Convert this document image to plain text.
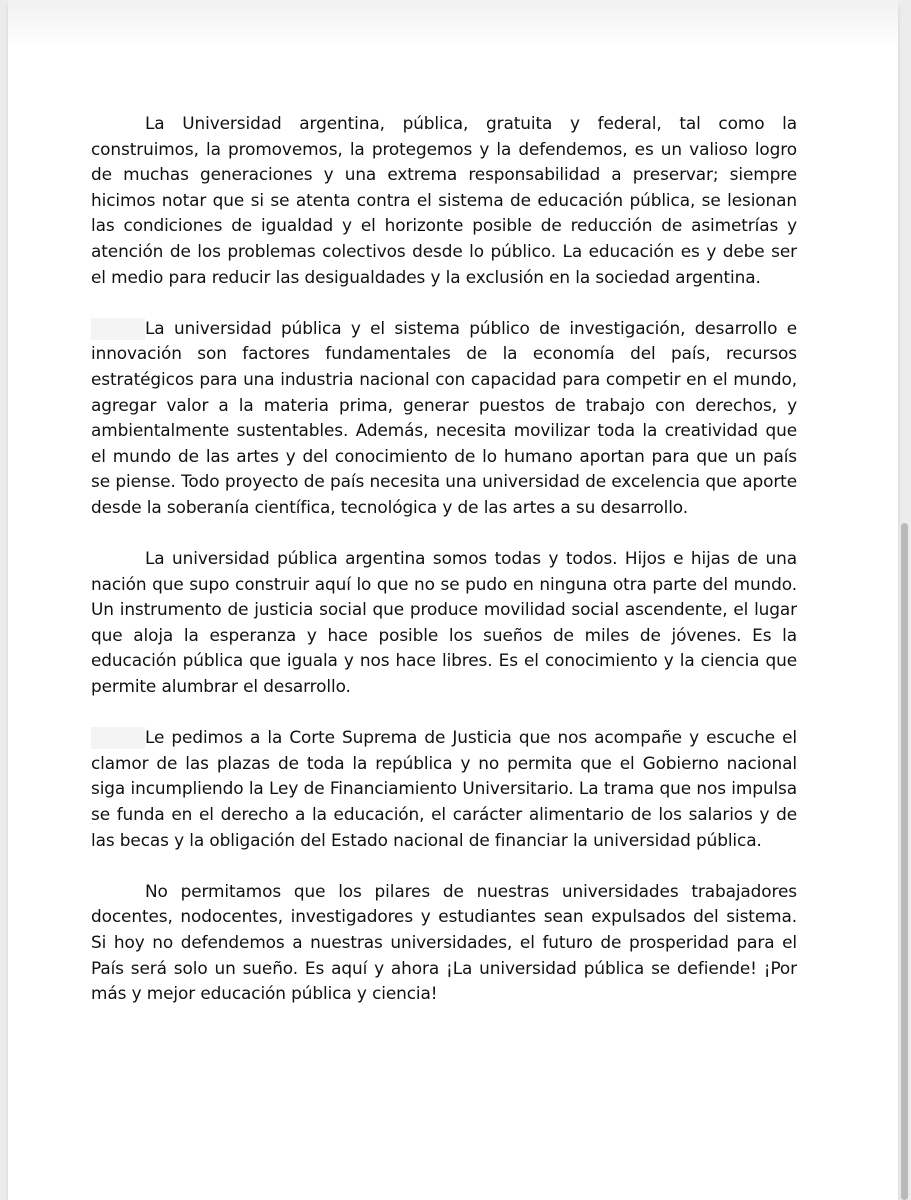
La Universidad argentina, pública, gratuita y federal, tal como la construimos, la promovemos, la protegemos y la defendemos, es un valioso logro de muchas generaciones y una extrema responsabilidad a preservar; siempre hicimos notar que si se atenta contra el sistema de educación pública, se lesionan las condiciones de igualdad y el horizonte posible de reducción de asimetrías y atención de los problemas colectivos desde lo público. La educación es y debe ser el medio para reducir las desigualdades y la exclusión en la sociedad argentina.

La universidad pública y el sistema público de investigación, desarrollo e innovación son factores fundamentales de la economía del país, recursos estratégicos para una industria nacional con capacidad para competir en el mundo, agregar valor a la materia prima, generar puestos de trabajo con derechos, y ambientalmente sustentables. Además, necesita movilizar toda la creatividad que el mundo de las artes y del conocimiento de lo humano aportan para que un país se piense. Todo proyecto de país necesita una universidad de excelencia que aporte desde la soberanía científica, tecnológica y de las artes a su desarrollo.

La universidad pública argentina somos todas y todos. Hijos e hijas de una nación que supo construir aquí lo que no se pudo en ninguna otra parte del mundo. Un instrumento de justicia social que produce movilidad social ascendente, el lugar que aloja la esperanza y hace posible los sueños de miles de jóvenes. Es la educación pública que iguala y nos hace libres. Es el conocimiento y la ciencia que permite alumbrar el desarrollo.

Le pedimos a la Corte Suprema de Justicia que nos acompañe y escuche el clamor de las plazas de toda la república y no permita que el Gobierno nacional siga incumpliendo la Ley de Financiamiento Universitario. La trama que nos impulsa se funda en el derecho a la educación, el carácter alimentario de los salarios y de las becas y la obligación del Estado nacional de financiar la universidad pública.

No permitamos que los pilares de nuestras universidades trabajadores docentes, nodocentes, investigadores y estudiantes sean expulsados del sistema. Si hoy no defendemos a nuestras universidades, el futuro de prosperidad para el País será solo un sueño. Es aquí y ahora ¡La universidad pública se defiende! ¡Por más y mejor educación pública y ciencia!
